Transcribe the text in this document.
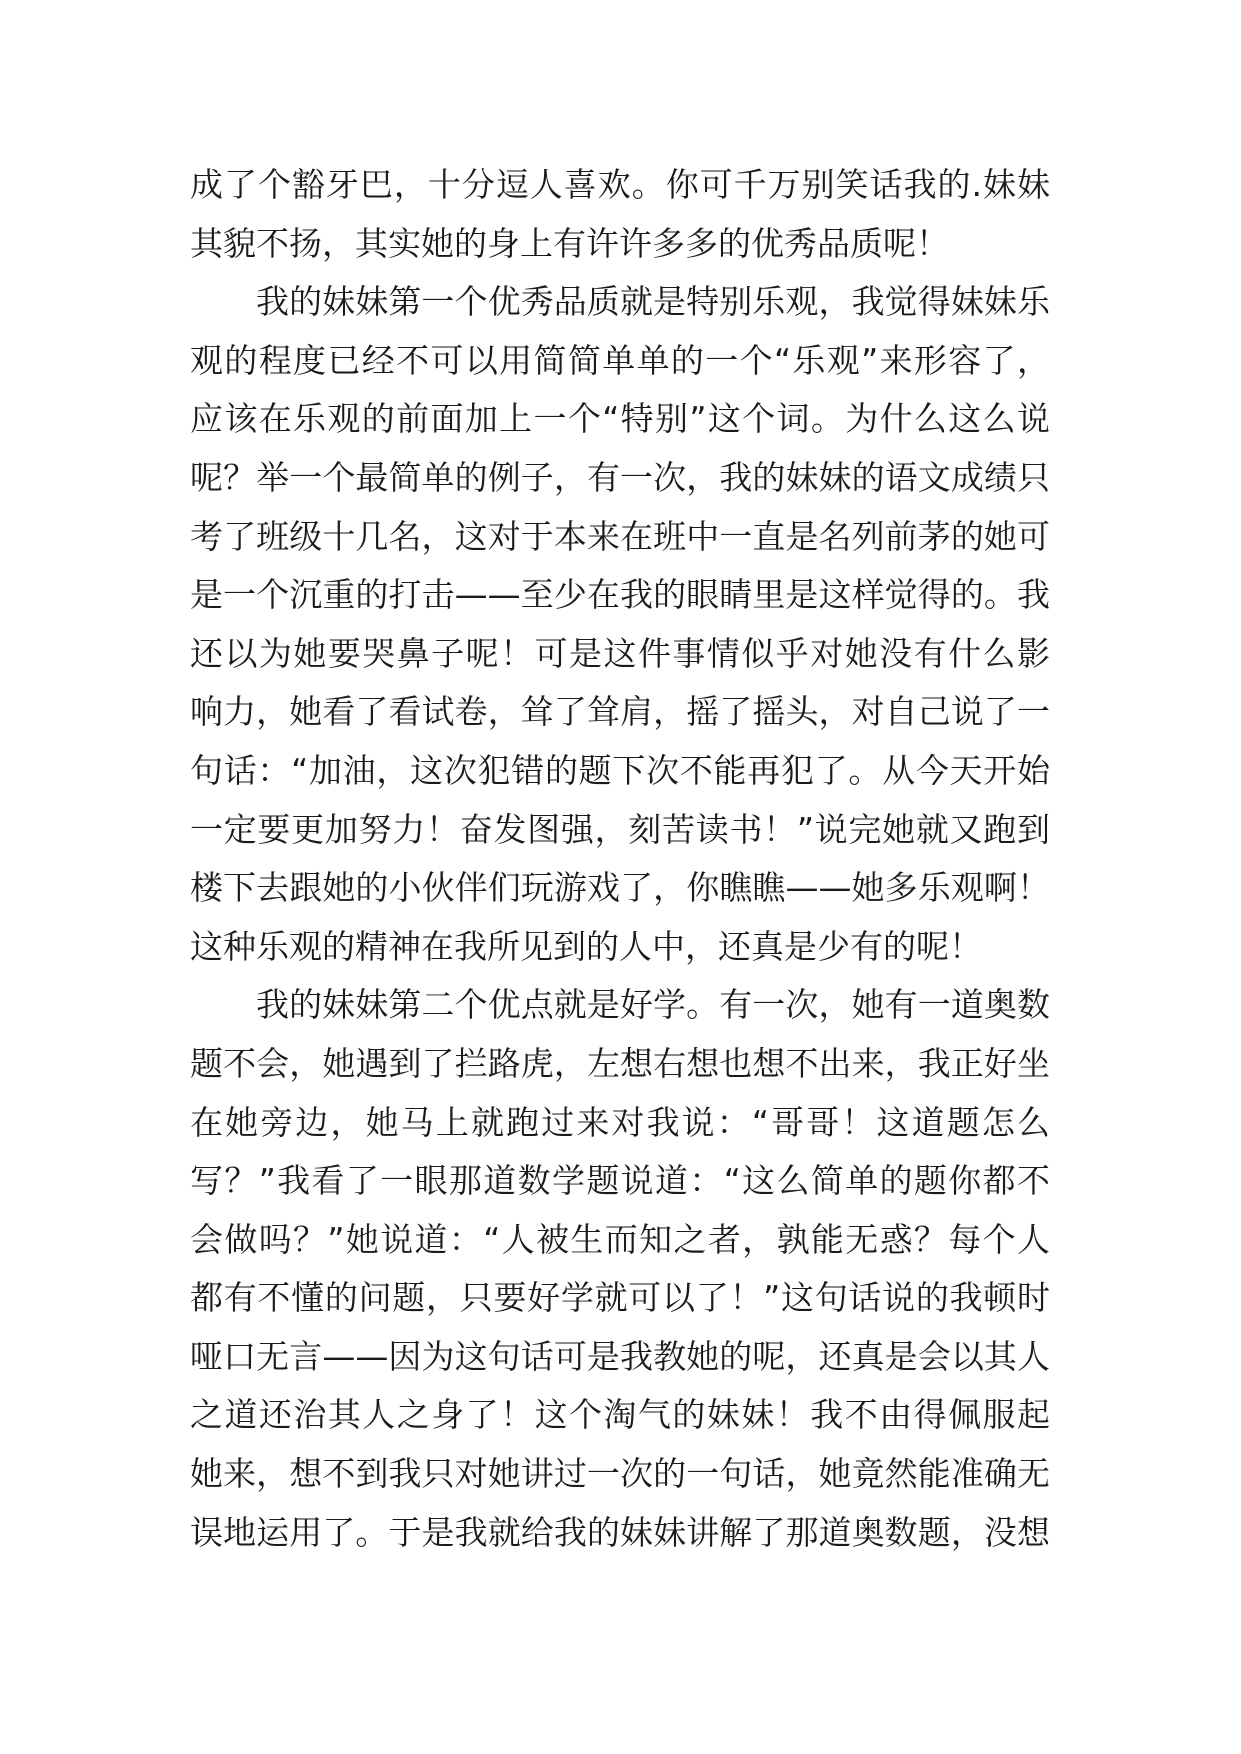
成了个豁牙巴，十分逗人喜欢。你可千万别笑话我的.妹妹
其貌不扬，其实她的身上有许许多多的优秀品质呢！
我的妹妹第一个优秀品质就是特别乐观，我觉得妹妹乐
观的程度已经不可以用简简单单的一个“乐观”来形容了，
应该在乐观的前面加上一个“特别”这个词。为什么这么说
呢？举一个最简单的例子，有一次，我的妹妹的语文成绩只
考了班级十几名，这对于本来在班中一直是名列前茅的她可
是一个沉重的打击——至少在我的眼睛里是这样觉得的。我
还以为她要哭鼻子呢！可是这件事情似乎对她没有什么影
响力，她看了看试卷，耸了耸肩，摇了摇头，对自己说了一
句话：“加油，这次犯错的题下次不能再犯了。从今天开始
一定要更加努力！奋发图强，刻苦读书！”说完她就又跑到
楼下去跟她的小伙伴们玩游戏了，你瞧瞧——她多乐观啊！
这种乐观的精神在我所见到的人中，还真是少有的呢！
我的妹妹第二个优点就是好学。有一次，她有一道奥数
题不会，她遇到了拦路虎，左想右想也想不出来，我正好坐
在她旁边，她马上就跑过来对我说：“哥哥！这道题怎么
写？”我看了一眼那道数学题说道：“这么简单的题你都不
会做吗？”她说道：“人被生而知之者，孰能无惑？每个人
都有不懂的问题，只要好学就可以了！”这句话说的我顿时
哑口无言——因为这句话可是我教她的呢，还真是会以其人
之道还治其人之身了！这个淘气的妹妹！我不由得佩服起
她来，想不到我只对她讲过一次的一句话，她竟然能准确无
误地运用了。于是我就给我的妹妹讲解了那道奥数题，没想
